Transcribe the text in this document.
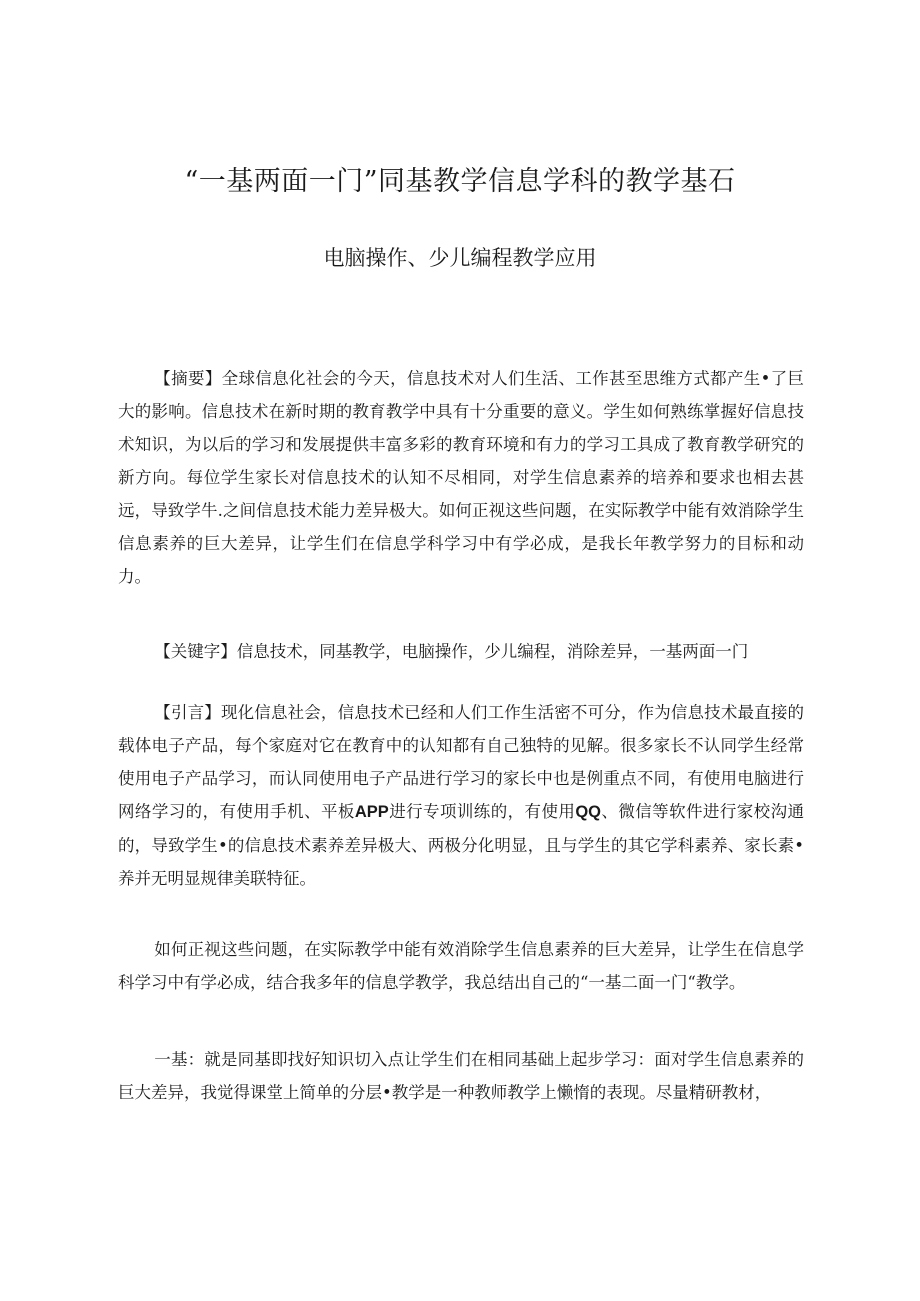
“一基两面一门”同基教学信息学科的教学基石
电脑操作、少儿编程教学应用

【摘要】全球信息化社会的今天，信息技术对人们生活、工作甚至思维方式都产生•了巨大的影响。信息技术在新时期的教育教学中具有十分重要的意义。学生如何熟练掌握好信息技术知识，为以后的学习和发展提供丰富多彩的教育环境和有力的学习工具成了教育教学研究的新方向。每位学生家长对信息技术的认知不尽相同，对学生信息素养的培养和要求也相去甚远，导致学牛.之间信息技术能力差异极大。如何正视这些问题，在实际教学中能有效消除学生信息素养的巨大差异，让学生们在信息学科学习中有学必成，是我长年教学努力的目标和动力。

【关键字】信息技术，同基教学，电脑操作，少儿编程，消除差异，一基两面一门

【引言】现化信息社会，信息技术已经和人们工作生活密不可分，作为信息技术最直接的载体电子产品，每个家庭对它在教育中的认知都有自己独特的见解。很多家长不认同学生经常使用电子产品学习，而认同使用电子产品进行学习的家长中也是例重点不同，有使用电脑进行网络学习的，有使用手机、平板APP进行专项训练的，有使用QQ、微信等软件进行家校沟通的，导致学生•的信息技术素养差异极大、两极分化明显，且与学生的其它学科素养、家长素•养并无明显规律美联特征。

如何正视这些问题，在实际教学中能有效消除学生信息素养的巨大差异，让学生在信息学科学习中有学必成，结合我多年的信息学教学，我总结出自己的“一基二面一门“教学。

一基：就是同基即找好知识切入点让学生们在相同基础上起步学习：面对学生信息素养的巨大差异，我觉得课堂上简单的分层•教学是一种教师教学上懒惰的表现。尽量精研教材，
